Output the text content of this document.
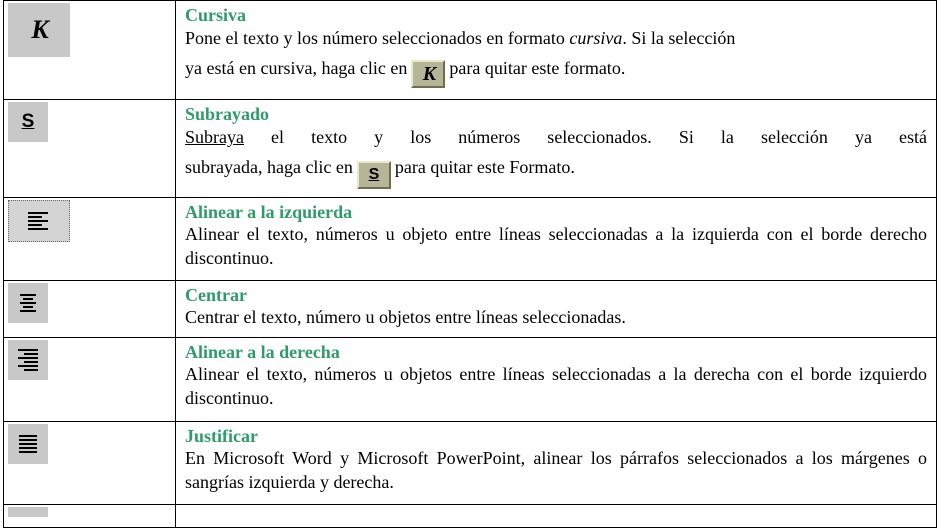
K	Cursiva
Pone el texto y los número seleccionados en formato cursiva. Si la selección
ya está en cursiva, haga clic en K para quitar este formato.

S	Subrayado
Subraya el texto y los números seleccionados. Si la selección ya está
subrayada, haga clic en S para quitar este Formato.

Alinear a la izquierda
Alinear el texto, números u objeto entre líneas seleccionadas a la izquierda con el borde derecho discontinuo.

Centrar
Centrar el texto, número u objetos entre líneas seleccionadas.

Alinear a la derecha
Alinear el texto, números u objetos entre líneas seleccionadas a la derecha con el borde izquierdo discontinuo.

Justificar
En Microsoft Word y Microsoft PowerPoint, alinear los párrafos seleccionados a los márgenes o sangrías izquierda y derecha.
